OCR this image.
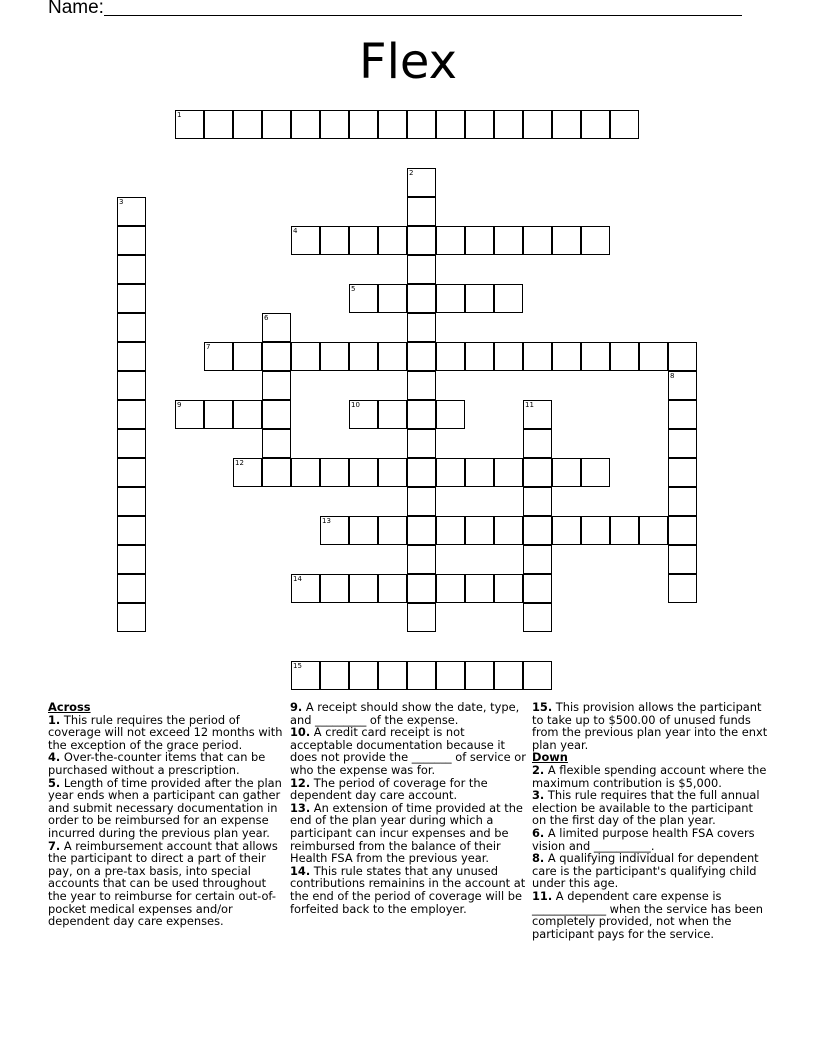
Name:
Flex
1
2
3
4
5
6
7
8
9	10	11
12
13
14
15
Across
1. This rule requires the period of coverage will not exceed 12 months with the exception of the grace period.
4. Over-the-counter items that can be purchased without a prescription.
5. Length of time provided after the plan year ends when a participant can gather and submit necessary documentation in order to be reimbursed for an expense incurred during the previous plan year.
7. A reimbursement account that allows the participant to direct a part of their pay, on a pre-tax basis, into special accounts that can be used throughout the year to reimburse for certain out-of-pocket medical expenses and/or dependent day care expenses.
9. A receipt should show the date, type, and _________ of the expense.
10. A credit card receipt is not acceptable documentation because it does not provide the _______ of service or who the expense was for.
12. The period of coverage for the dependent day care account.
13. An extension of time provided at the end of the plan year during which a participant can incur expenses and be reimbursed from the balance of their Health FSA from the previous year.
14. This rule states that any unused contributions remainins in the account at the end of the period of coverage will be forfeited back to the employer.
15. This provision allows the participant to take up to $500.00 of unused funds from the previous plan year into the enxt plan year.
Down
2. A flexible spending account where the maximum contribution is $5,000.
3. This rule requires that the full annual election be available to the participant on the first day of the plan year.
6. A limited purpose health FSA covers vision and __________.
8. A qualifying individual for dependent care is the participant's qualifying child under this age.
11. A dependent care expense is _____________ when the service has been completely provided, not when the participant pays for the service.
